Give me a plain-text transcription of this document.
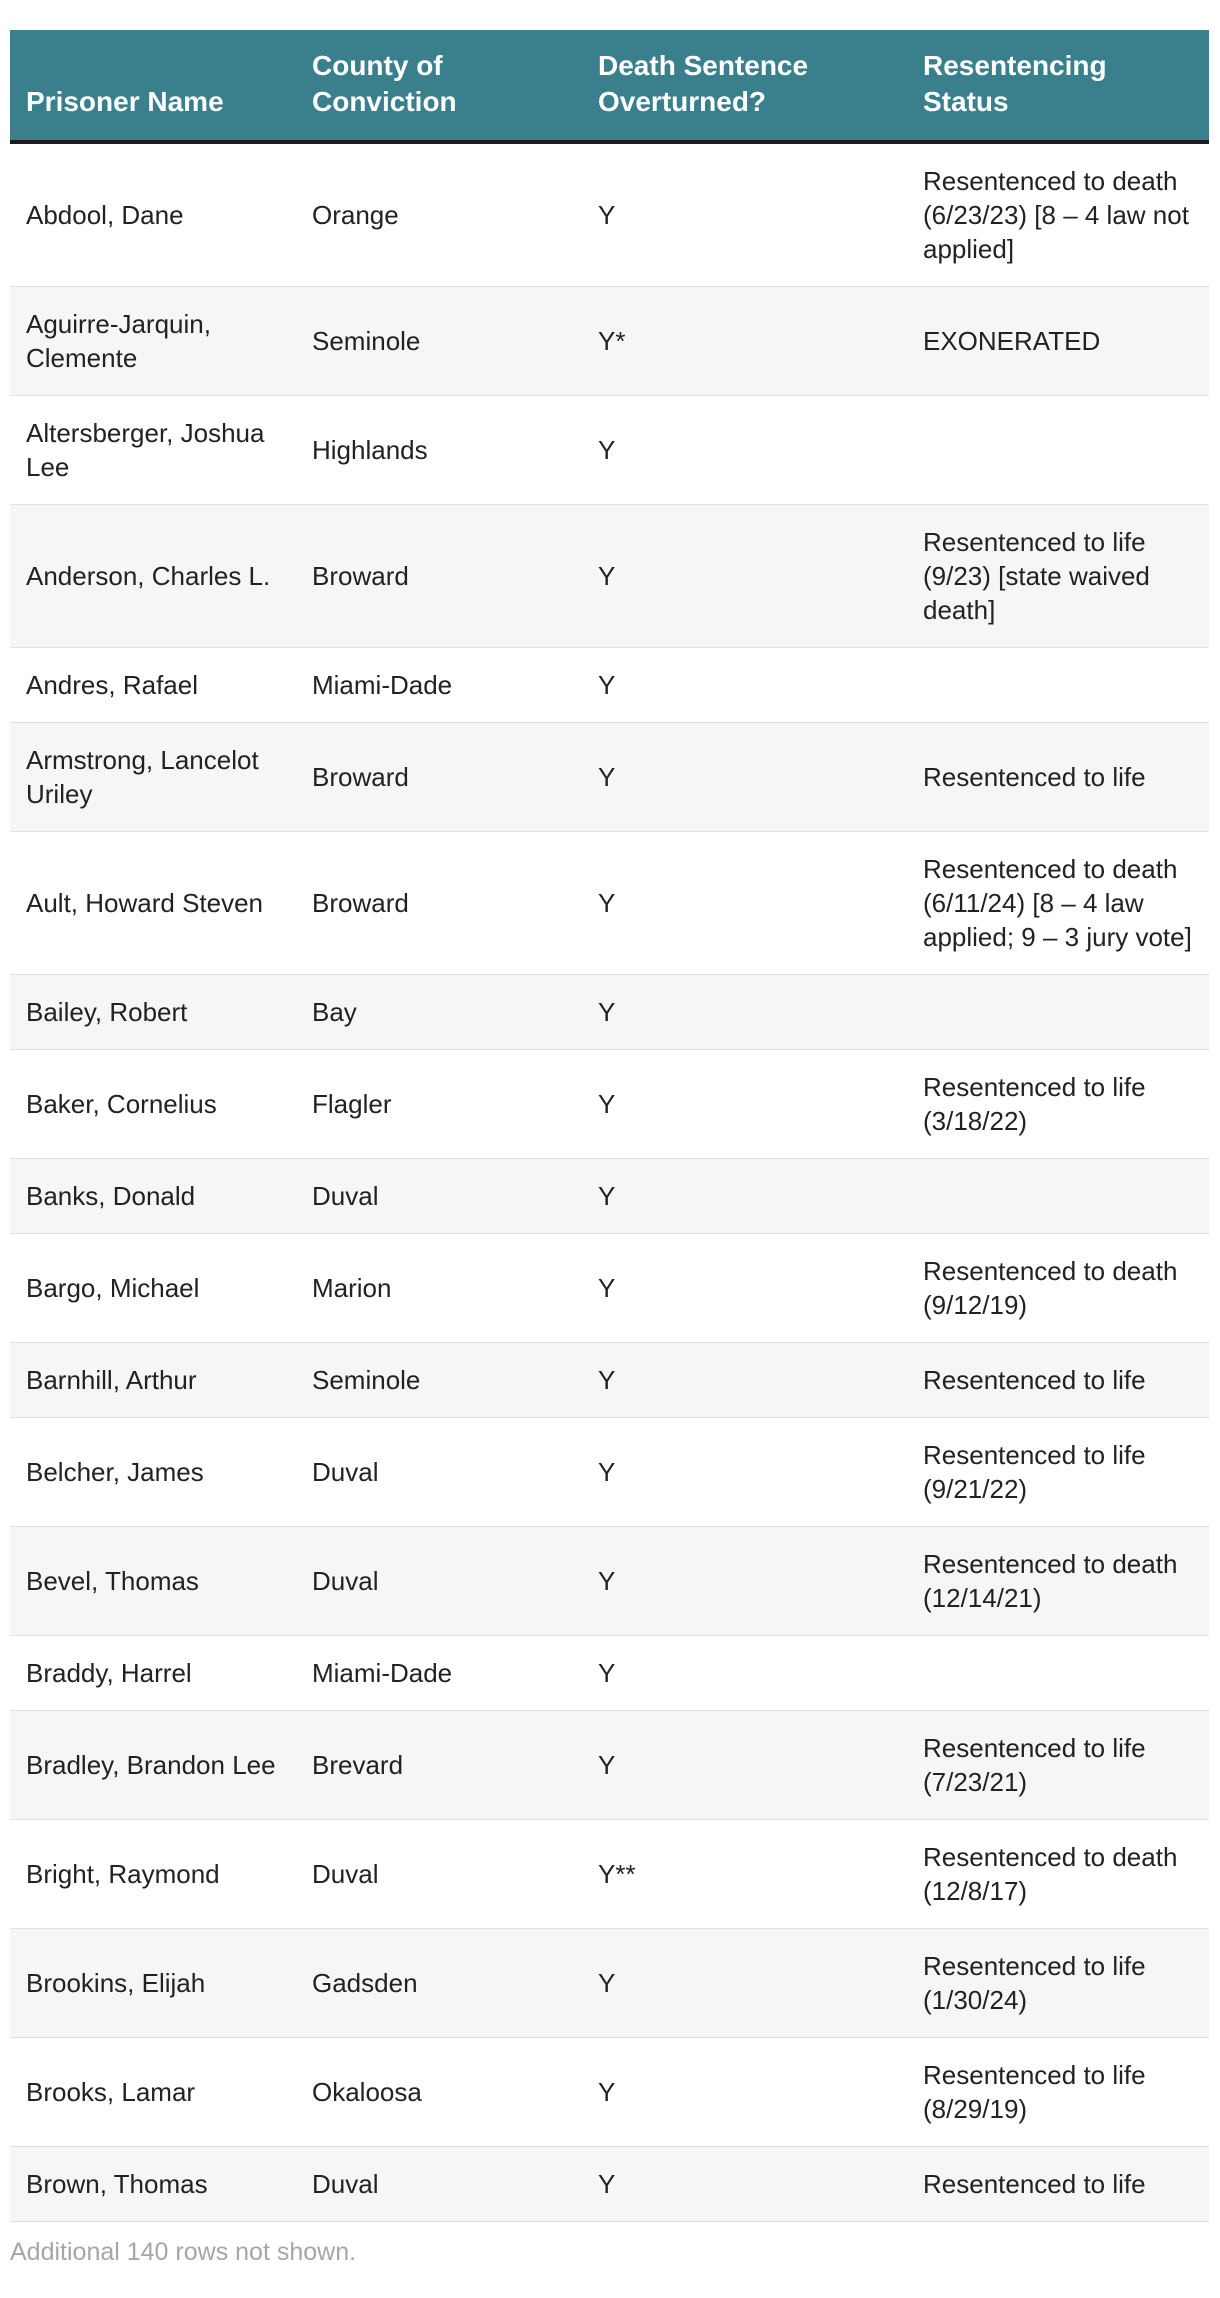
Prisoner Name	County of Conviction	Death Sentence Overturned?	Resentencing Status
Abdool, Dane	Orange	Y	Resentenced to death (6/23/23) [8 – 4 law not applied]
Aguirre-Jarquin, Clemente	Seminole	Y*	EXONERATED
Altersberger, Joshua Lee	Highlands	Y	
Anderson, Charles L.	Broward	Y	Resentenced to life (9/23) [state waived death]
Andres, Rafael	Miami-Dade	Y	
Armstrong, Lancelot Uriley	Broward	Y	Resentenced to life
Ault, Howard Steven	Broward	Y	Resentenced to death (6/11/24) [8 – 4 law applied; 9 – 3 jury vote]
Bailey, Robert	Bay	Y	
Baker, Cornelius	Flagler	Y	Resentenced to life (3/18/22)
Banks, Donald	Duval	Y	
Bargo, Michael	Marion	Y	Resentenced to death (9/12/19)
Barnhill, Arthur	Seminole	Y	Resentenced to life
Belcher, James	Duval	Y	Resentenced to life (9/21/22)
Bevel, Thomas	Duval	Y	Resentenced to death (12/14/21)
Braddy, Harrel	Miami-Dade	Y	
Bradley, Brandon Lee	Brevard	Y	Resentenced to life (7/23/21)
Bright, Raymond	Duval	Y**	Resentenced to death (12/8/17)
Brookins, Elijah	Gadsden	Y	Resentenced to life (1/30/24)
Brooks, Lamar	Okaloosa	Y	Resentenced to life (8/29/19)
Brown, Thomas	Duval	Y	Resentenced to life
Additional 140 rows not shown.
